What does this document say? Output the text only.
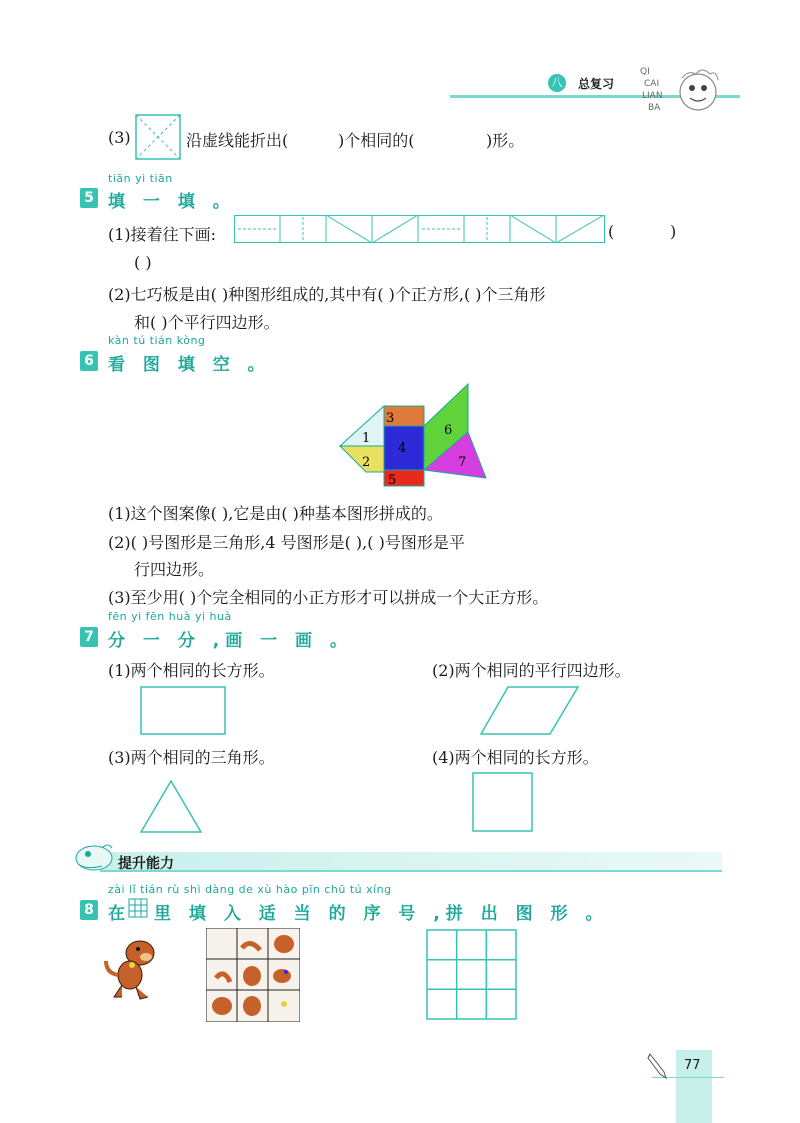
八 总复习
QI
CAI
LIAN
BA
(3)	沿虚线能折出(	)个相同的(	)形。
tiān yi tiān
5 填 一 填 。
(1)接着往下画:	(	)
( )
(2)七巧板是由( )种图形组成的,其中有( )个正方形,( )个三角形
和( )个平行四边形。
kàn tú tián kòng
6 看 图 填 空 。
1
2
3
4
5
6
7
(1)这个图案像( ),它是由( )种基本图形拼成的。
(2)( )号图形是三角形,4 号图形是( ),( )号图形是平
行四边形。
(3)至少用( )个完全相同的小正方形才可以拼成一个大正方形。
fēn yi fēn huà yi huà
7 分 一 分 ,画 一 画 。
(1)两个相同的长方形。	(2)两个相同的平行四边形。
(3)两个相同的三角形。	(4)两个相同的长方形。
提升能力
zài lǐ tián rù shì dàng de xù hào pīn chū tú xíng
8 在 里 填 入 适 当 的 序 号 ,拼 出 图 形 。
77
